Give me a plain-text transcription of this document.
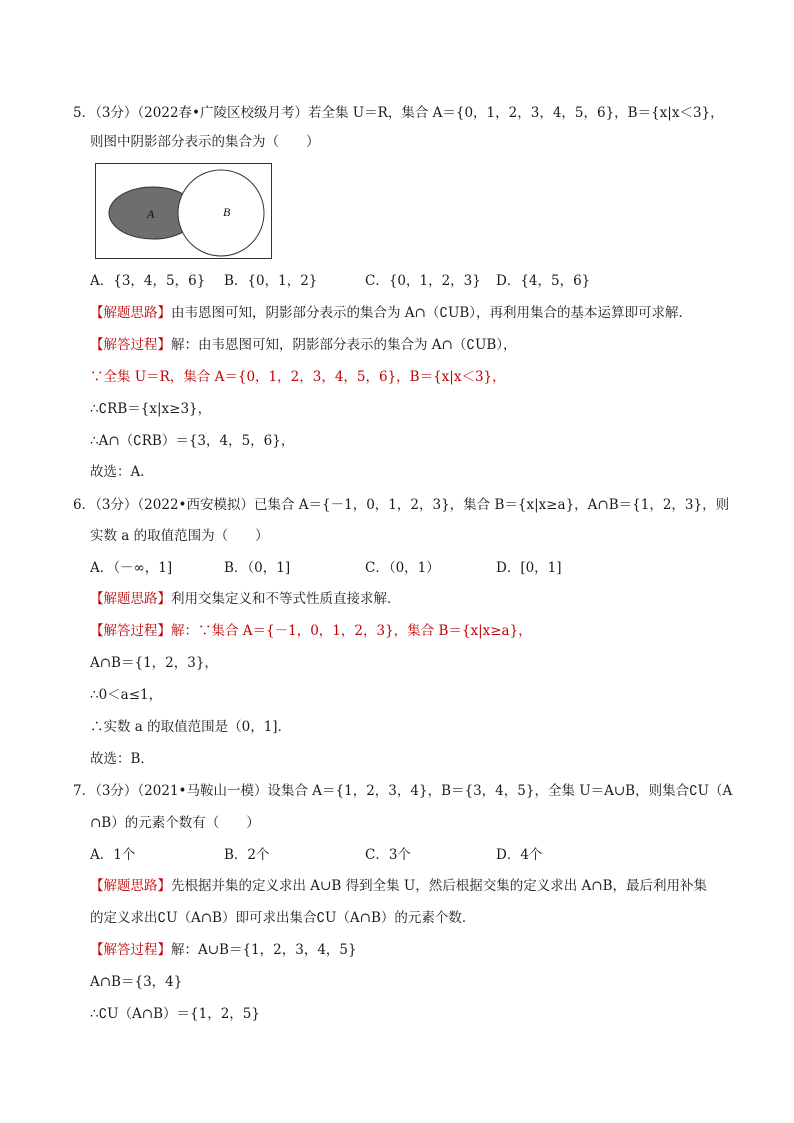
5．（3分）（2022春•广陵区校级月考）若全集 U＝R，集合 A＝{0，1，2，3，4，5，6}，B＝{x|x＜3}，
则图中阴影部分表示的集合为（　　）
A	B
A．{3，4，5，6} B．{0，1，2}	C．{0，1，2，3} D．{4，5，6}
【解题思路】由韦恩图可知，阴影部分表示的集合为 A∩（∁UB），再利用集合的基本运算即可求解．
【解答过程】解：由韦恩图可知，阴影部分表示的集合为 A∩（∁UB），
∵全集 U＝R，集合 A＝{0，1，2，3，4，5，6}，B＝{x|x＜3}，
∴∁RB＝{x|x≥3}，
∴A∩（∁RB）＝{3，4，5，6}，
故选：A．
6．（3分）（2022•西安模拟）已集合 A＝{－1，0，1，2，3}，集合 B＝{x|x≥a}，A∩B＝{1，2，3}，则
实数 a 的取值范围为（　　）
A．（－∞，1]	B．（0，1]	C．（0，1）	D．[0，1]
【解题思路】利用交集定义和不等式性质直接求解．
【解答过程】解：∵集合 A＝{－1，0，1，2，3}，集合 B＝{x|x≥a}，
A∩B＝{1，2，3}，
∴0＜a≤1，
∴实数 a 的取值范围是（0，1]．
故选：B．
7．（3分）（2021•马鞍山一模）设集合 A＝{1，2，3，4}，B＝{3，4，5}，全集 U＝A∪B，则集合∁U（A
∩B）的元素个数有（　　）
A．1个	B．2个	C．3个	D．4个
【解题思路】先根据并集的定义求出 A∪B 得到全集 U，然后根据交集的定义求出 A∩B，最后利用补集
的定义求出∁U（A∩B）即可求出集合∁U（A∩B）的元素个数．
【解答过程】解：A∪B＝{1，2，3，4，5}
A∩B＝{3，4}
∴∁U（A∩B）＝{1，2，5}
